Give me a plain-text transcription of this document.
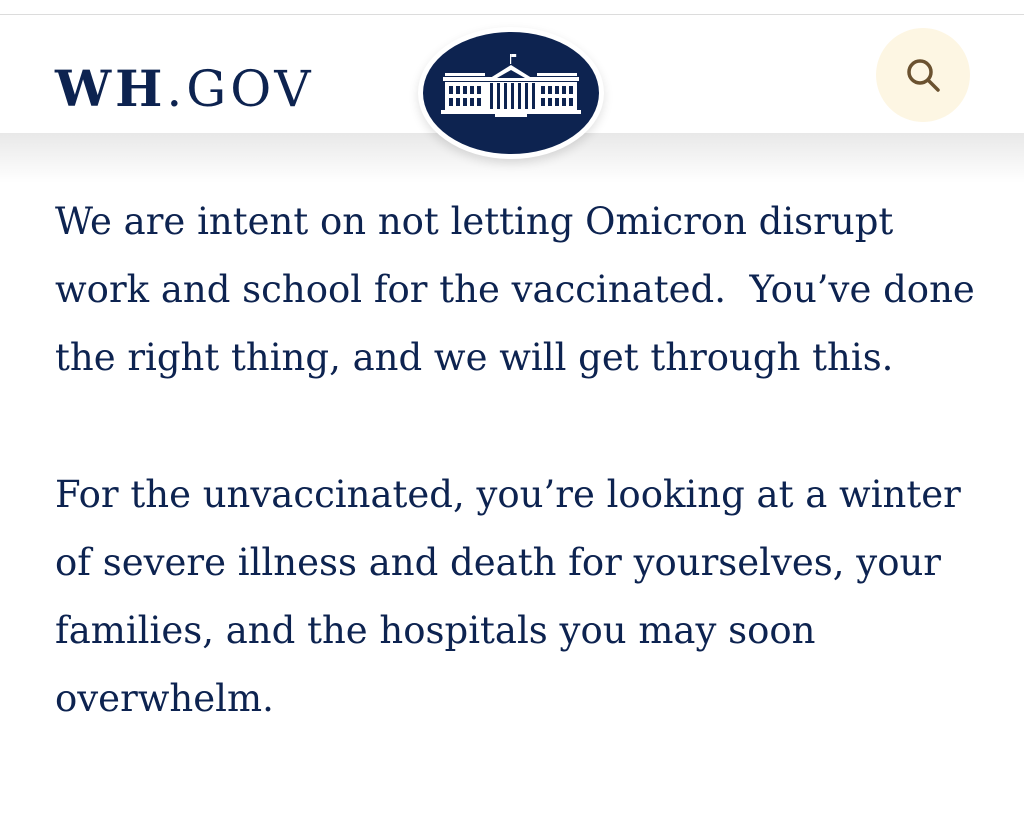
WH.GOV

We are intent on not letting Omicron disrupt work and school for the vaccinated.  You’ve done the right thing, and we will get through this.

For the unvaccinated, you’re looking at a winter of severe illness and death for yourselves, your families, and the hospitals you may soon overwhelm.
